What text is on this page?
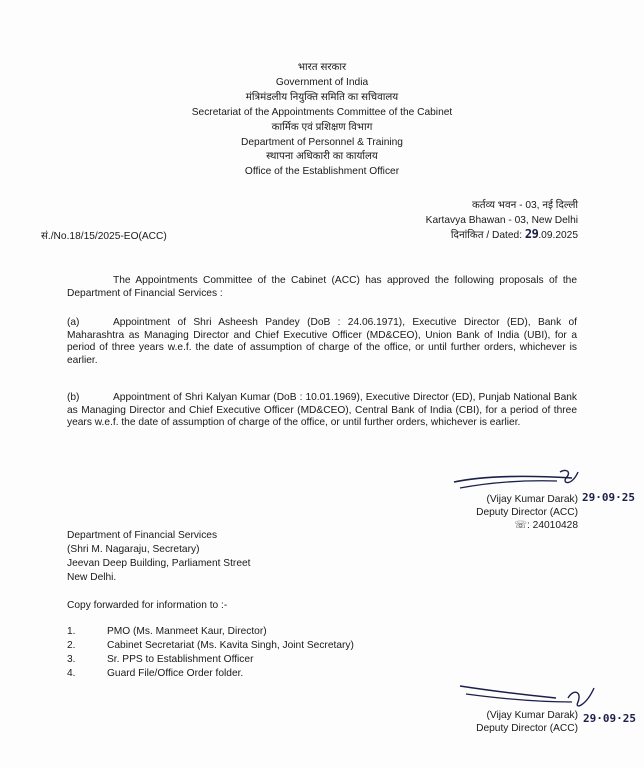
भारत सरकार
Government of India
मंत्रिमंडलीय नियुक्ति समिति का सचिवालय
Secretariat of the Appointments Committee of the Cabinet
कार्मिक एवं प्रशिक्षण विभाग
Department of Personnel & Training
स्थापना अधिकारी का कार्यालय
Office of the Establishment Officer
कर्तव्य भवन - 03, नई दिल्ली
Kartavya Bhawan - 03, New Delhi
सं./No.18/15/2025-EO(ACC)	दिनांकित / Dated: 29.09.2025
The Appointments Committee of the Cabinet (ACC) has approved the following proposals of the Department of Financial Services :
(a)	Appointment of Shri Asheesh Pandey (DoB : 24.06.1971), Executive Director (ED), Bank of Maharashtra as Managing Director and Chief Executive Officer (MD&CEO), Union Bank of India (UBI), for a period of three years w.e.f. the date of assumption of charge of the office, or until further orders, whichever is earlier.
(b)	Appointment of Shri Kalyan Kumar (DoB : 10.01.1969), Executive Director (ED), Punjab National Bank as Managing Director and Chief Executive Officer (MD&CEO), Central Bank of India (CBI), for a period of three years w.e.f. the date of assumption of charge of the office, or until further orders, whichever is earlier.
(Vijay Kumar Darak) 29·09·25
Deputy Director (ACC)
☏: 24010428
Department of Financial Services
(Shri M. Nagaraju, Secretary)
Jeevan Deep Building, Parliament Street
New Delhi.
Copy forwarded for information to :-
1.	PMO (Ms. Manmeet Kaur, Director)
2.	Cabinet Secretariat (Ms. Kavita Singh, Joint Secretary)
3.	Sr. PPS to Establishment Officer
4.	Guard File/Office Order folder.
(Vijay Kumar Darak) 29·09·25
Deputy Director (ACC)
